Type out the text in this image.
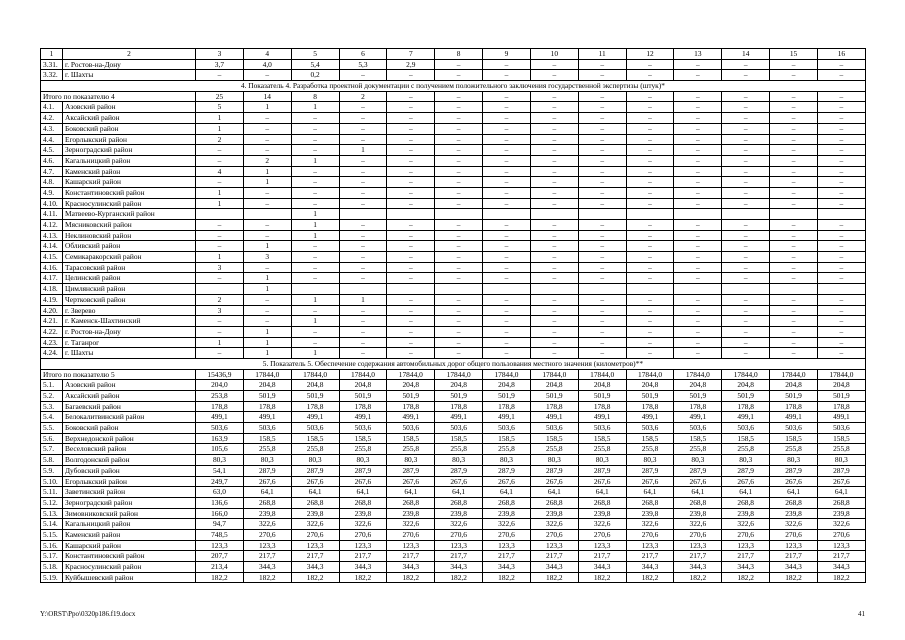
1	2	3	4	5	6	7	8	9	10	11	12	13	14	15	16
3.31.	г. Ростов-на-Дону	3,7	4,0	5,4	5,3	2,9	–	–	–	–	–	–	–	–	–
3.32.	г. Шахты	–	–	0,2	–	–	–	–	–	–	–	–	–	–	–
4. Показатель 4. Разработка проектной документации с получением положительного заключения государственной экспертизы (штук)*															
Итого по показателю 4		25	14	8	2	–	–	–	–	–	–	–	–	–	–
4.1.	Азовский район	5	1	1	–	–	–	–	–	–	–	–	–	–	–
4.2.	Аксайский район	1	–	–	–	–	–	–	–	–	–	–	–	–	–
4.3.	Боковский район	1	–	–	–	–	–	–	–	–	–	–	–	–	–
4.4.	Егорлыкский район	2	–	–	–	–	–	–	–	–	–	–	–	–	–
4.5.	Зерноградский район	–	–	–	1	–	–	–	–	–	–	–	–	–	–
4.6.	Кагальницкий район	–	2	1	–	–	–	–	–	–	–	–	–	–	–
4.7.	Каменский район	4	1	–	–	–	–	–	–	–	–	–	–	–	–
4.8.	Кашарский район	–	1	–	–	–	–	–	–	–	–	–	–	–	–
4.9.	Константиновский район	1	–	–	–	–	–	–	–	–	–	–	–	–	–
4.10.	Красносулинский район	1	–	–	–	–	–	–	–	–	–	–	–	–	–
4.11.	Матвеево-Курганский район			1											
4.12.	Мясниковский район	–	–	1	–	–	–	–	–	–	–	–	–	–	–
4.13.	Неклиновский район	–	–	1	–	–	–	–	–	–	–	–	–	–	–
4.14.	Обливский район	–	1	–	–	–	–	–	–	–	–	–	–	–	–
4.15.	Семикаракорский район	1	3	–	–	–	–	–	–	–	–	–	–	–	–
4.16.	Тарасовский район	3	–	–	–	–	–	–	–	–	–	–	–	–	–
4.17.	Целинский район	–	1	–	–	–	–	–	–	–	–	–	–	–	–
4.18.	Цимлянский район		1												
4.19.	Чертковский район	2	–	1	1	–	–	–	–	–	–	–	–	–	–
4.20.	г. Зверево	3	–	–	–	–	–	–	–	–	–	–	–	–	–
4.21.	г. Каменск-Шахтинский	–	–	1	–	–	–	–	–	–	–	–	–	–	–
4.22.	г. Ростов-на-Дону	–	1	–	–	–	–	–	–	–	–	–	–	–	–
4.23.	г. Таганрог	1	1	–	–	–	–	–	–	–	–	–	–	–	–
4.24.	г. Шахты	–	1	1	–	–	–	–	–	–	–	–	–	–	–
5. Показатель 5. Обеспечение содержания автомобильных дорог общего пользования местного значения (километров)**															
Итого по показателю 5		15436,9	17844,0	17844,0	17844,0	17844,0	17844,0	17844,0	17844,0	17844,0	17844,0	17844,0	17844,0	17844,0	17844,0
5.1.	Азовский район	204,0	204,8	204,8	204,8	204,8	204,8	204,8	204,8	204,8	204,8	204,8	204,8	204,8	204,8
5.2.	Аксайский район	253,8	501,9	501,9	501,9	501,9	501,9	501,9	501,9	501,9	501,9	501,9	501,9	501,9	501,9
5.3.	Багаевский район	178,8	178,8	178,8	178,8	178,8	178,8	178,8	178,8	178,8	178,8	178,8	178,8	178,8	178,8
5.4.	Белокалитвинский район	499,1	499,1	499,1	499,1	499,1	499,1	499,1	499,1	499,1	499,1	499,1	499,1	499,1	499,1
5.5.	Боковский район	503,6	503,6	503,6	503,6	503,6	503,6	503,6	503,6	503,6	503,6	503,6	503,6	503,6	503,6
5.6.	Верхнедонской район	163,9	158,5	158,5	158,5	158,5	158,5	158,5	158,5	158,5	158,5	158,5	158,5	158,5	158,5
5.7.	Веселовский район	105,6	255,8	255,8	255,8	255,8	255,8	255,8	255,8	255,8	255,8	255,8	255,8	255,8	255,8
5.8.	Волгодонской район	80,3	80,3	80,3	80,3	80,3	80,3	80,3	80,3	80,3	80,3	80,3	80,3	80,3	80,3
5.9.	Дубовский район	54,1	287,9	287,9	287,9	287,9	287,9	287,9	287,9	287,9	287,9	287,9	287,9	287,9	287,9
5.10.	Егорлыкский район	249,7	267,6	267,6	267,6	267,6	267,6	267,6	267,6	267,6	267,6	267,6	267,6	267,6	267,6
5.11.	Заветинский район	63,0	64,1	64,1	64,1	64,1	64,1	64,1	64,1	64,1	64,1	64,1	64,1	64,1	64,1
5.12.	Зерноградский район	136,6	268,8	268,8	268,8	268,8	268,8	268,8	268,8	268,8	268,8	268,8	268,8	268,8	268,8
5.13.	Зимовниковский район	166,0	239,8	239,8	239,8	239,8	239,8	239,8	239,8	239,8	239,8	239,8	239,8	239,8	239,8
5.14.	Кагальницкий район	94,7	322,6	322,6	322,6	322,6	322,6	322,6	322,6	322,6	322,6	322,6	322,6	322,6	322,6
5.15.	Каменский район	748,5	270,6	270,6	270,6	270,6	270,6	270,6	270,6	270,6	270,6	270,6	270,6	270,6	270,6
5.16.	Кашарский район	123,3	123,3	123,3	123,3	123,3	123,3	123,3	123,3	123,3	123,3	123,3	123,3	123,3	123,3
5.17.	Константиновский район	207,7	217,7	217,7	217,7	217,7	217,7	217,7	217,7	217,7	217,7	217,7	217,7	217,7	217,7
5.18.	Красносулинский район	213,4	344,3	344,3	344,3	344,3	344,3	344,3	344,3	344,3	344,3	344,3	344,3	344,3	344,3
5.19.	Куйбышевский район	182,2	182,2	182,2	182,2	182,2	182,2	182,2	182,2	182,2	182,2	182,2	182,2	182,2	182,2
Y:\ORST\Ppo\0320p186.f19.docx	41
